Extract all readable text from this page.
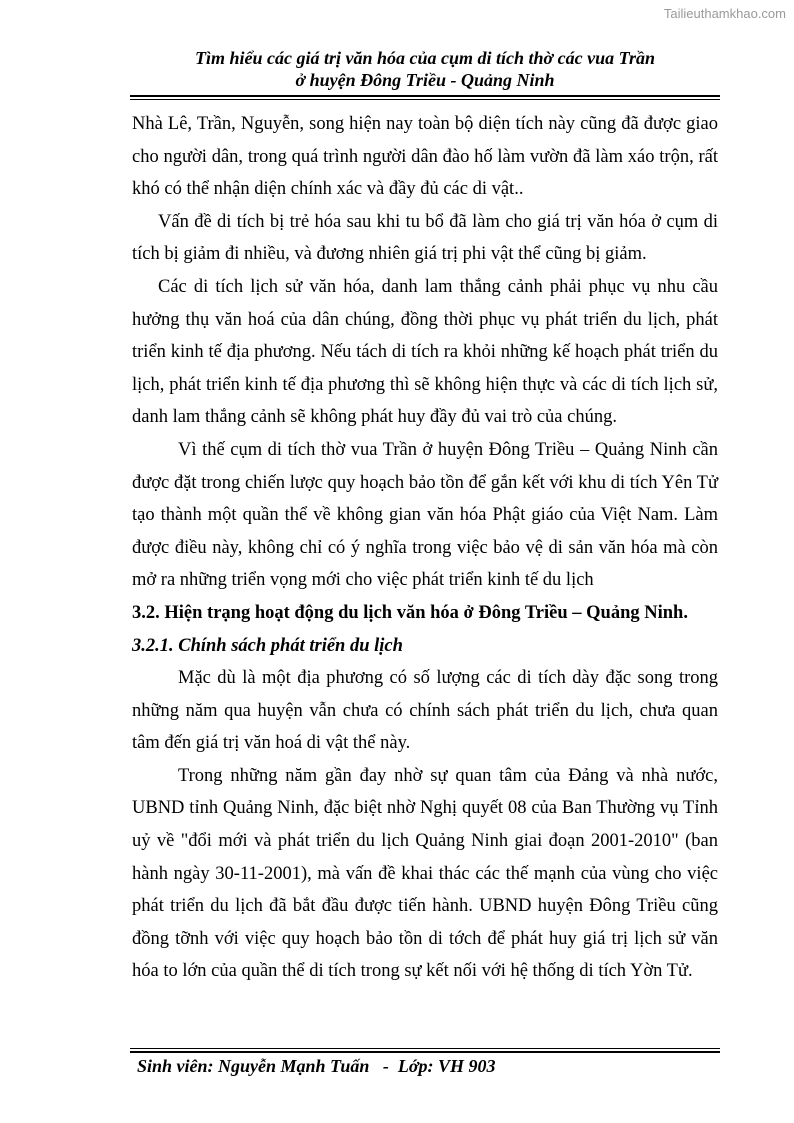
Tailieuthamkhao.com
Tìm hiểu các giá trị văn hóa của cụm di tích thờ các vua Trần
ở huyện Đông Triều - Quảng Ninh

Nhà Lê, Trần, Nguyễn, song hiện nay toàn bộ diện tích này cũng đã được giao cho người dân, trong quá trình người dân đào hố làm vườn đã làm xáo trộn, rất khó có thể nhận diện chính xác và đầy đủ các di vật..

Vấn đề di tích bị trẻ hóa sau khi tu bổ đã làm cho giá trị văn hóa ở cụm di tích bị giảm đi nhiều, và đương nhiên giá trị phi vật thể cũng bị giảm.

Các di tích lịch sử văn hóa, danh lam thắng cảnh phải phục vụ nhu cầu hưởng thụ văn hoá của dân chúng, đồng thời phục vụ phát triển du lịch, phát triển kinh tế địa phương. Nếu tách di tích ra khỏi những kế hoạch phát triển du lịch, phát triển kinh tế địa phương thì sẽ không hiện thực và các di tích lịch sử, danh lam thắng cảnh sẽ không phát huy đầy đủ vai trò của chúng.

Vì thế cụm di tích thờ vua Trần ở huyện Đông Triều – Quảng Ninh cần được đặt trong chiến lược quy hoạch bảo tồn để gắn kết với khu di tích Yên Tử tạo thành một quần thể về không gian văn hóa Phật giáo của Việt Nam. Làm được điều này, không chỉ có ý nghĩa trong việc bảo vệ di sản văn hóa mà còn mở ra những triển vọng mới cho việc phát triển kinh tế du lịch

3.2. Hiện trạng hoạt động du lịch văn hóa ở Đông Triều – Quảng Ninh.

3.2.1. Chính sách phát triển du lịch

Mặc dù là một địa phương có số lượng các di tích dày đặc song trong những năm qua huyện vẫn chưa có chính sách phát triển du lịch, chưa quan tâm đến giá trị văn hoá di vật thể này.

Trong những năm gần đay nhờ sự quan tâm của Đảng và nhà nước, UBND tỉnh Quảng Ninh, đặc biệt nhờ Nghị quyết 08 của Ban Thường vụ Tỉnh uỷ về "đổi mới và phát triển du lịch Quảng Ninh giai đoạn 2001-2010" (ban hành ngày 30-11-2001), mà vấn đề khai thác các thế mạnh của vùng cho việc phát triển du lịch đã bắt đầu được tiến hành. UBND huyện Đông Triều cũng đồng tỡnh với việc quy hoạch bảo tồn di tớch để phát huy giá trị lịch sử văn hóa to lớn của quần thể di tích trong sự kết nối với hệ thống di tích Yờn Tử.

Sinh viên: Nguyễn Mạnh Tuấn   -  Lớp: VH 903
